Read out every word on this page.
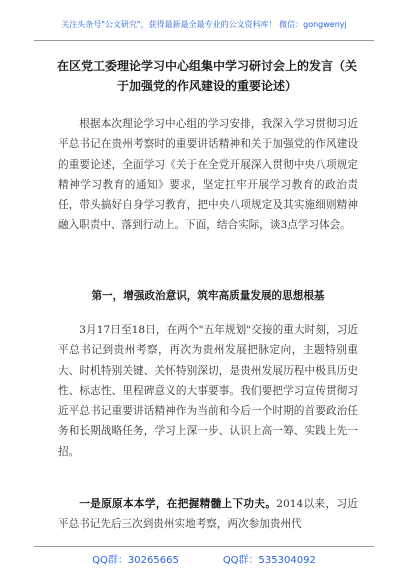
关注头条号"公文研究"，获得最新最全最专业的公文资料库！ 微信：gongwenyj
在区党工委理论学习中心组集中学习研讨会上的发言（关
于加强党的作风建设的重要论述）
根据本次理论学习中心组的学习安排，我深入学习贯彻习近平总书记在贵州考察时的重要讲话精神和关于加强党的作风建设的重要论述，全面学习《关于在全党开展深入贯彻中央八项规定精神学习教育的通知》要求，坚定扛牢开展学习教育的政治责任，带头搞好自身学习教育，把中央八项规定及其实施细则精神融入职责中、落到行动上。下面，结合实际，谈3点学习体会。
第一，增强政治意识，筑牢高质量发展的思想根基
3月17日至18日，在两个"五年规划"交接的重大时刻，习近平总书记到贵州考察，再次为贵州发展把脉定向，主题特别重大、时机特别关键、关怀特别深切，是贵州发展历程中极具历史性、标志性、里程碑意义的大事要事。我们要把学习宣传贯彻习近平总书记重要讲话精神作为当前和今后一个时期的首要政治任务和长期战略任务，学习上深一步、认识上高一筹、实践上先一招。
一是原原本本学，在把握精髓上下功夫。2014以来，习近平总书记先后三次到贵州实地考察，两次参加贵州代
QQ群：30265665	QQ群：535304092
